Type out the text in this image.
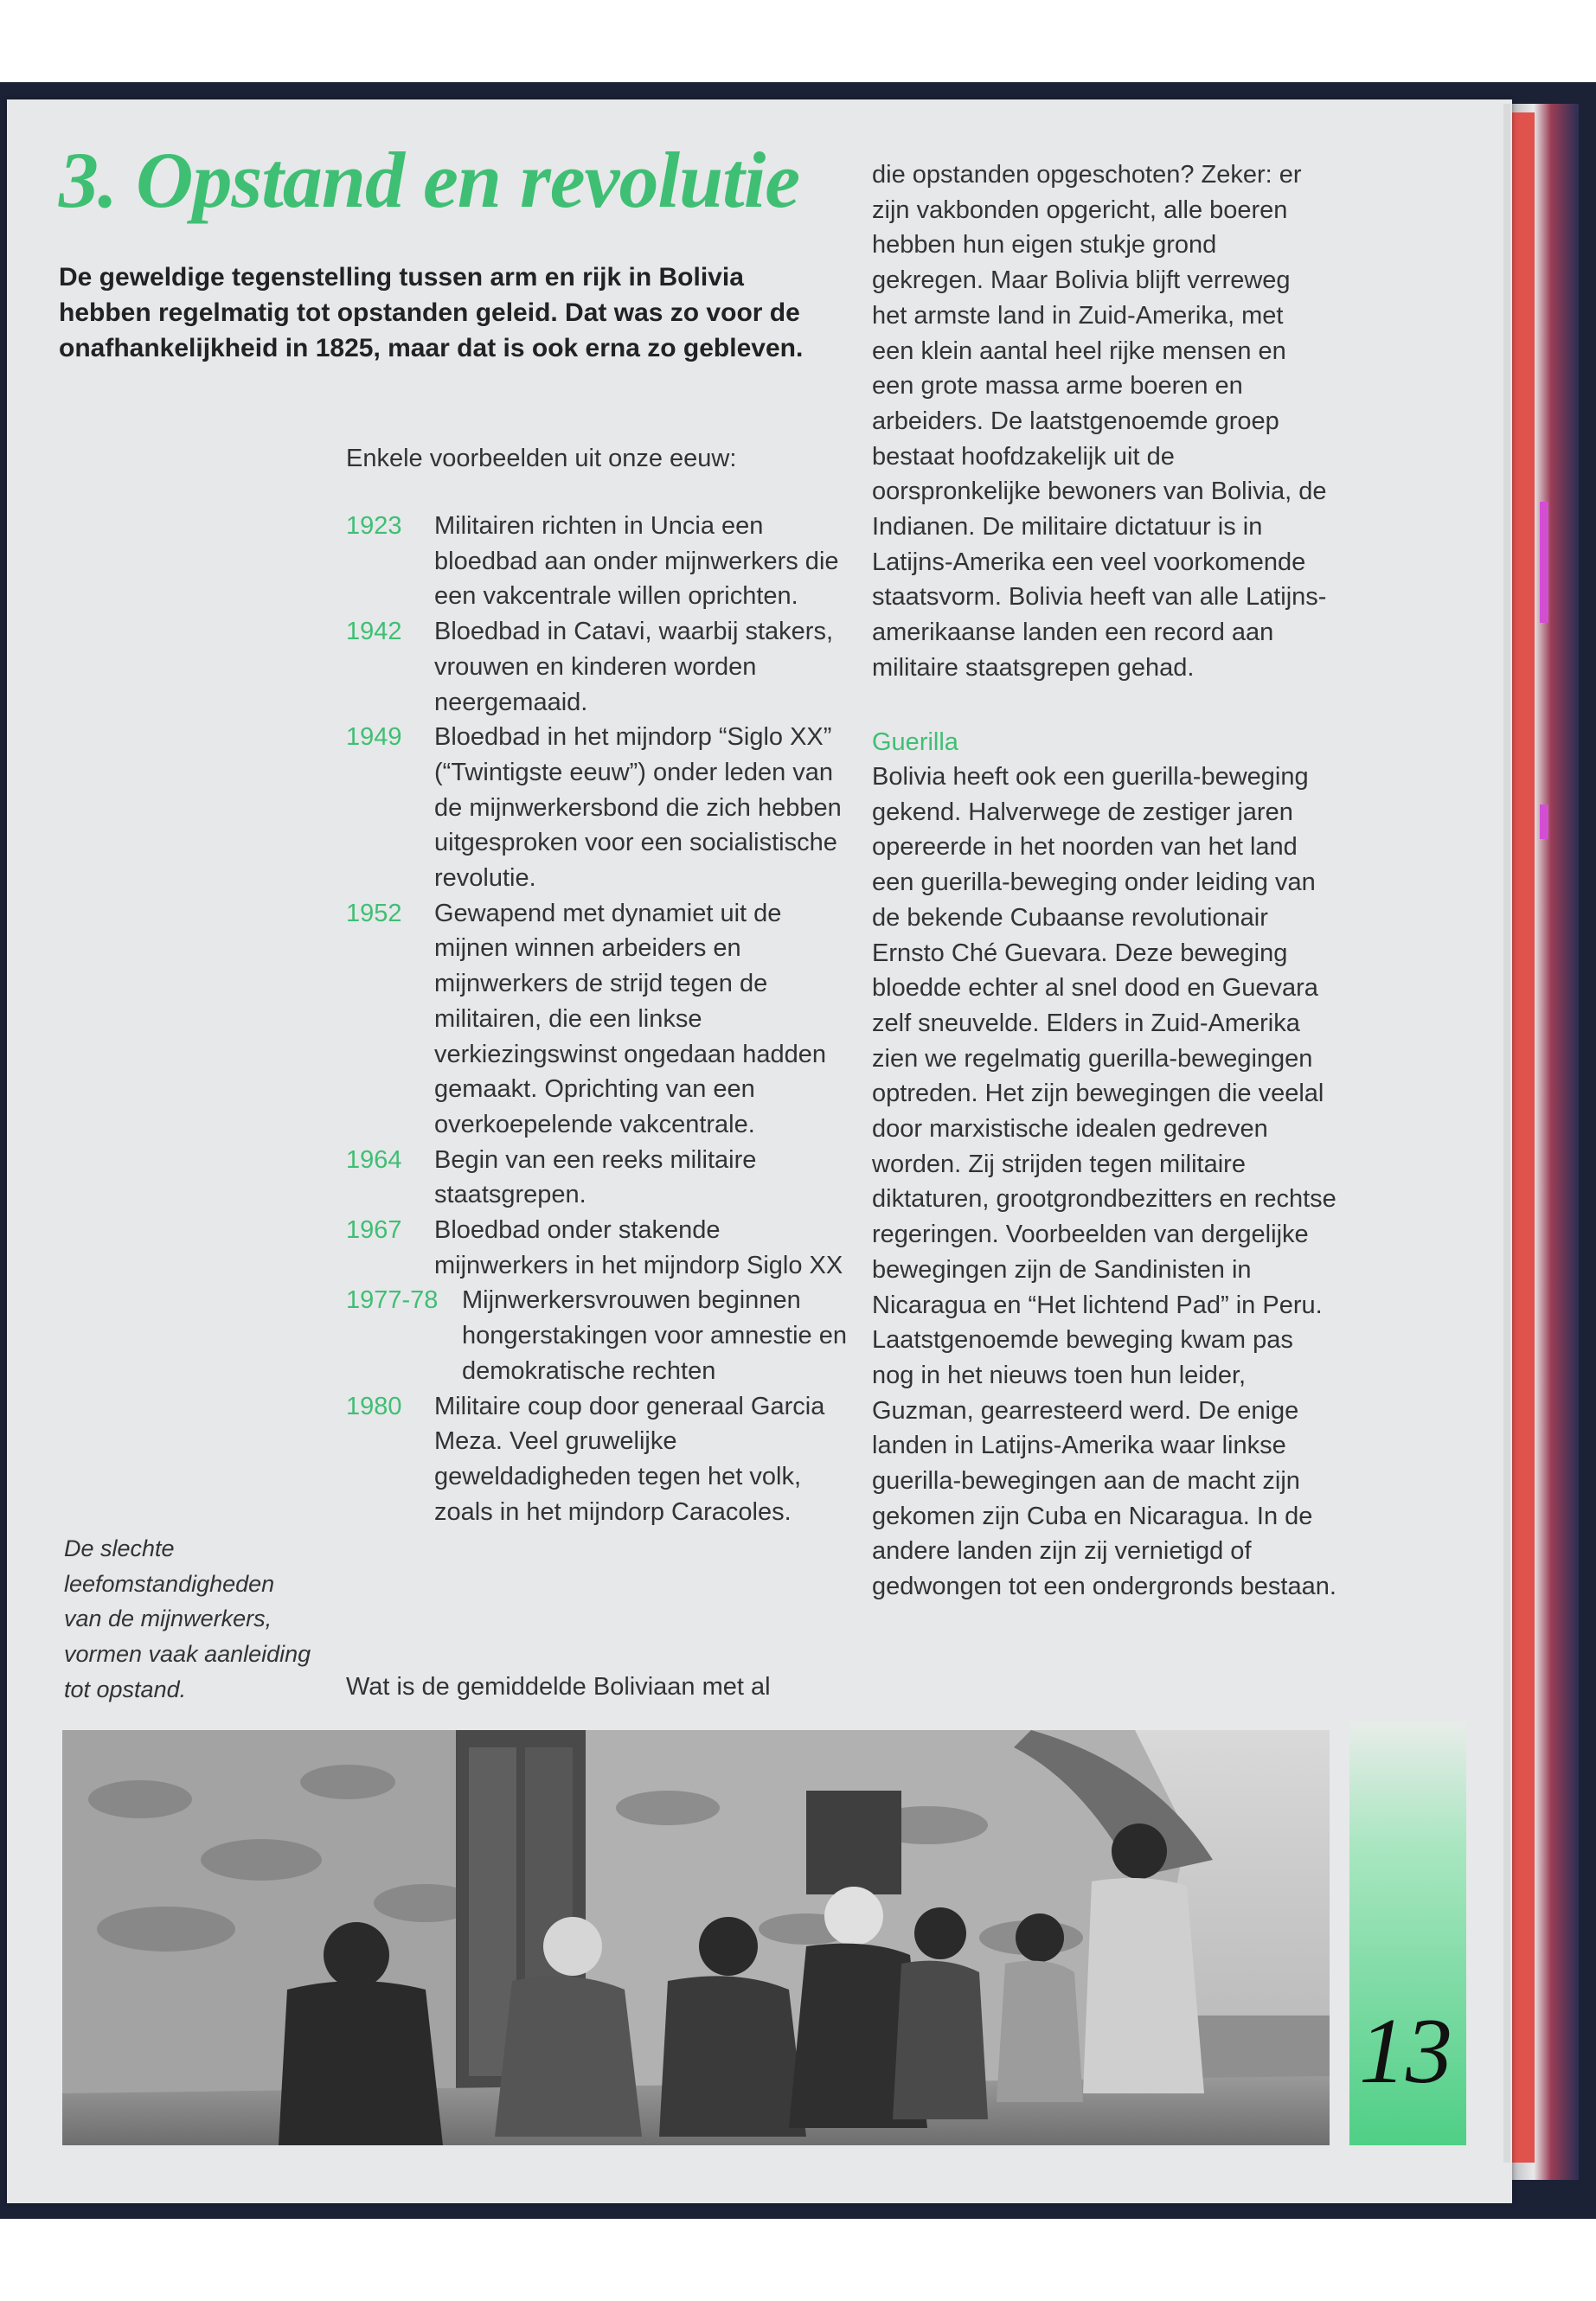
3. Opstand en revolutie

De geweldige tegenstelling tussen arm en rijk in Bolivia hebben regelmatig tot opstanden geleid. Dat was zo voor de onafhankelijkheid in 1825, maar dat is ook erna zo gebleven.

Enkele voorbeelden uit onze eeuw:
1923	Militairen richten in Uncia een bloedbad aan onder mijnwerkers die een vakcentrale willen oprichten.
1942	Bloedbad in Catavi, waarbij stakers, vrouwen en kinderen worden neergemaaid.
1949	Bloedbad in het mijndorp “Siglo XX” (“Twintigste eeuw”) onder leden van de mijnwerkersbond die zich hebben uitgesproken voor een socialistische revolutie.
1952	Gewapend met dynamiet uit de mijnen winnen arbeiders en mijnwerkers de strijd tegen de militairen, die een linkse verkiezingswinst ongedaan hadden gemaakt. Oprichting van een overkoepelende vakcentrale.
1964	Begin van een reeks militaire staatsgrepen.
1967	Bloedbad onder stakende mijnwerkers in het mijndorp Siglo XX
1977-78 Mijnwerkersvrouwen beginnen hongerstakingen voor amnestie en demokratische rechten
1980	Militaire coup door generaal Garcia Meza. Veel gruwelijke geweldadigheden tegen het volk, zoals in het mijndorp Caracoles.
Wat is de gemiddelde Boliviaan met al

die opstanden opgeschoten? Zeker: er zijn vakbonden opgericht, alle boeren hebben hun eigen stukje grond gekregen. Maar Bolivia blijft verreweg het armste land in Zuid-Amerika, met een klein aantal heel rijke mensen en een grote massa arme boeren en arbeiders. De laatstgenoemde groep bestaat hoofdzakelijk uit de oorspronkelijke bewoners van Bolivia, de Indianen. De militaire dictatuur is in Latijns-Amerika een veel voorkomende staatsvorm. Bolivia heeft van alle Latijns-amerikaanse landen een record aan militaire staatsgrepen gehad.

Guerilla

Bolivia heeft ook een guerilla-beweging gekend. Halverwege de zestiger jaren opereerde in het noorden van het land een guerilla-beweging onder leiding van de bekende Cubaanse revolutionair Ernsto Ché Guevara. Deze beweging bloedde echter al snel dood en Guevara zelf sneuvelde. Elders in Zuid-Amerika zien we regelmatig guerilla-bewegingen optreden. Het zijn bewegingen die veelal door marxistische idealen gedreven worden. Zij strijden tegen militaire diktaturen, grootgrondbezitters en rechtse regeringen. Voorbeelden van dergelijke bewegingen zijn de Sandinisten in Nicaragua en “Het lichtend Pad” in Peru. Laatstgenoemde beweging kwam pas nog in het nieuws toen hun leider, Guzman, gearresteerd werd. De enige landen in Latijns-Amerika waar linkse guerilla-bewegingen aan de macht zijn gekomen zijn Cuba en Nicaragua. In de andere landen zijn zij vernietigd of gedwongen tot een ondergronds bestaan.

De slechte leefomstandigheden van de mijnwerkers, vormen vaak aanleiding tot opstand.

13
